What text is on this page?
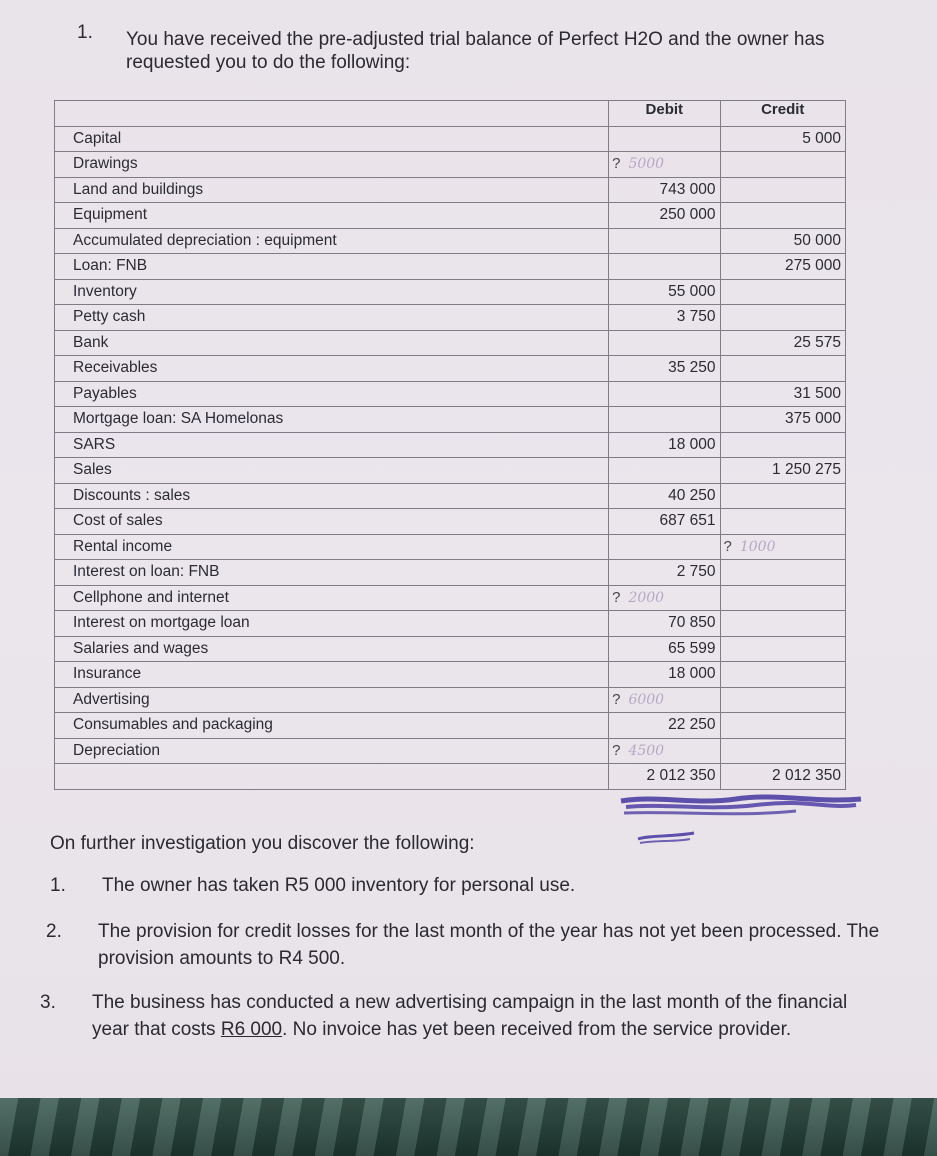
1. You have received the pre-adjusted trial balance of Perfect H2O and the owner has requested you to do the following:
	Debit	Credit
Capital		5 000
Drawings	? 5000	
Land and buildings	743 000	
Equipment	250 000	
Accumulated depreciation : equipment		50 000
Loan: FNB		275 000
Inventory	55 000	
Petty cash	3 750	
Bank		25 575
Receivables	35 250	
Payables		31 500
Mortgage loan: SA Homelonas		375 000
SARS	18 000	
Sales		1 250 275
Discounts : sales	40 250	
Cost of sales	687 651	
Rental income		? 1000
Interest on loan: FNB	2 750	
Cellphone and internet	? 2000	
Interest on mortgage loan	70 850	
Salaries and wages	65 599	
Insurance	18 000	
Advertising	? 6000	
Consumables and packaging	22 250	
Depreciation	? 4500	
	2 012 350	2 012 350
On further investigation you discover the following:
1. The owner has taken R5 000 inventory for personal use.
2. The provision for credit losses for the last month of the year has not yet been processed. The provision amounts to R4 500.
3. The business has conducted a new advertising campaign in the last month of the financial year that costs R6 000. No invoice has yet been received from the service provider.
